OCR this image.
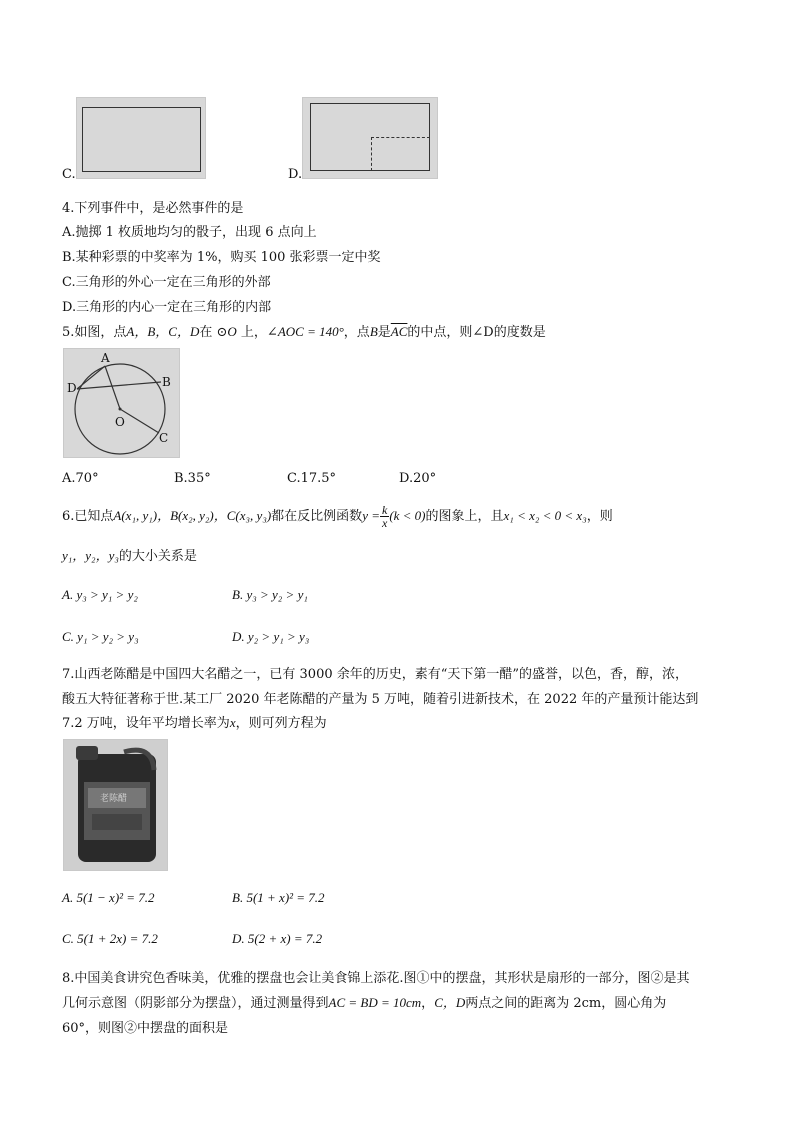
C.	D.
4.下列事件中，是必然事件的是
A.抛掷 1 枚质地均匀的骰子，出现 6 点向上
B.某种彩票的中奖率为 1%，购买 100 张彩票一定中奖
C.三角形的外心一定在三角形的外部
D.三角形的内心一定在三角形的内部
5.如图，点A，B，C，D在 ⊙O 上，∠AOC = 140°，点B是$\overline{AC}$的中点，则∠D的度数是
A
B
C
D
O
A.70°	B.35°	C.17.5°	D.20°
6.已知点A(x₁, y₁)，B(x₂, y₂)，C(x₃, y₃)都在反比例函数$y = \frac{k}{x} (k < 0)$的图象上，且x₁ < x₂ < 0 < x₃，则
y₁，y₂，y₃的大小关系是
A. y₃ > y₁ > y₂	B. y₃ > y₂ > y₁
C. y₁ > y₂ > y₃	D. y₂ > y₁ > y₃
7.山西老陈醋是中国四大名醋之一，已有 3000 余年的历史，素有“天下第一醋”的盛誉，以色，香，醇，浓，
酸五大特征著称于世.某工厂 2020 年老陈醋的产量为 5 万吨，随着引进新技术，在 2022 年的产量预计能达到
7.2 万吨，设年平均增长率为x，则可列方程为
老陈醋
A. 5(1 − x)² = 7.2	B. 5(1 + x)² = 7.2
C. 5(1 + 2x) = 7.2	D. 5(2 + x) = 7.2
8.中国美食讲究色香味美，优雅的摆盘也会让美食锦上添花.图①中的摆盘，其形状是扇形的一部分，图②是其
几何示意图（阴影部分为摆盘），通过测量得到AC = BD = 10cm，C，D两点之间的距离为 2cm，圆心角为
60°，则图②中摆盘的面积是
